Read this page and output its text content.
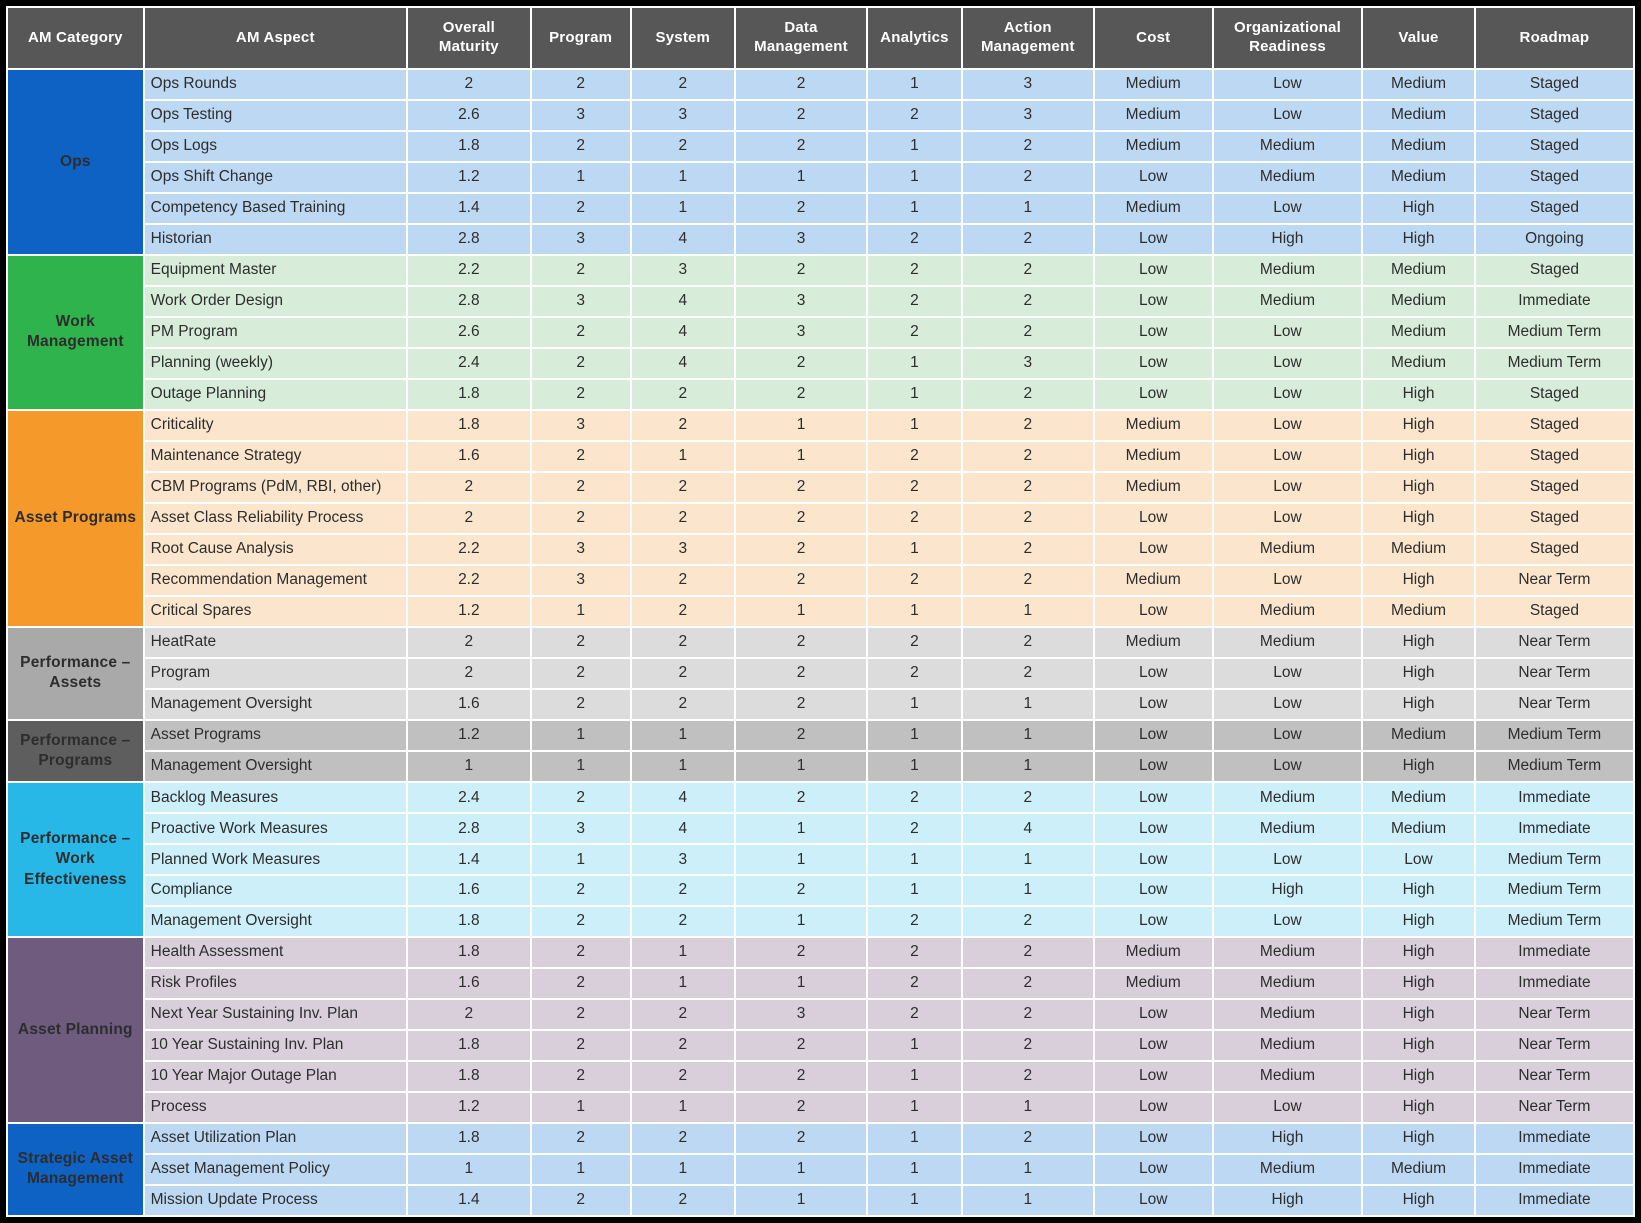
AM Category	AM Aspect	Overall Maturity	Program	System	Data Management	Analytics	Action Management	Cost	Organizational Readiness	Value	Roadmap
Ops	Ops Rounds	2	2	2	2	1	3	Medium	Low	Medium	Staged
	Ops Testing	2.6	3	3	2	2	3	Medium	Low	Medium	Staged
	Ops Logs	1.8	2	2	2	1	2	Medium	Medium	Medium	Staged
	Ops Shift Change	1.2	1	1	1	1	2	Low	Medium	Medium	Staged
	Competency Based Training	1.4	2	1	2	1	1	Medium	Low	High	Staged
	Historian	2.8	3	4	3	2	2	Low	High	High	Ongoing
Work Management	Equipment Master	2.2	2	3	2	2	2	Low	Medium	Medium	Staged
	Work Order Design	2.8	3	4	3	2	2	Low	Medium	Medium	Immediate
	PM Program	2.6	2	4	3	2	2	Low	Low	Medium	Medium Term
	Planning (weekly)	2.4	2	4	2	1	3	Low	Low	Medium	Medium Term
	Outage Planning	1.8	2	2	2	1	2	Low	Low	High	Staged
Asset Programs	Criticality	1.8	3	2	1	1	2	Medium	Low	High	Staged
	Maintenance Strategy	1.6	2	1	1	2	2	Medium	Low	High	Staged
	CBM Programs (PdM, RBI, other)	2	2	2	2	2	2	Medium	Low	High	Staged
	Asset Class Reliability Process	2	2	2	2	2	2	Low	Low	High	Staged
	Root Cause Analysis	2.2	3	3	2	1	2	Low	Medium	Medium	Staged
	Recommendation Management	2.2	3	2	2	2	2	Medium	Low	High	Near Term
	Critical Spares	1.2	1	2	1	1	1	Low	Medium	Medium	Staged
Performance – Assets	HeatRate	2	2	2	2	2	2	Medium	Medium	High	Near Term
	Program	2	2	2	2	2	2	Low	Low	High	Near Term
	Management Oversight	1.6	2	2	2	1	1	Low	Low	High	Near Term
Performance – Programs	Asset Programs	1.2	1	1	2	1	1	Low	Low	Medium	Medium Term
	Management Oversight	1	1	1	1	1	1	Low	Low	High	Medium Term
Performance – Work Effectiveness	Backlog Measures	2.4	2	4	2	2	2	Low	Medium	Medium	Immediate
	Proactive Work Measures	2.8	3	4	1	2	4	Low	Medium	Medium	Immediate
	Planned Work Measures	1.4	1	3	1	1	1	Low	Low	Low	Medium Term
	Compliance	1.6	2	2	2	1	1	Low	High	High	Medium Term
	Management Oversight	1.8	2	2	1	2	2	Low	Low	High	Medium Term
Asset Planning	Health Assessment	1.8	2	1	2	2	2	Medium	Medium	High	Immediate
	Risk Profiles	1.6	2	1	1	2	2	Medium	Medium	High	Immediate
	Next Year Sustaining Inv. Plan	2	2	2	3	2	2	Low	Medium	High	Near Term
	10 Year Sustaining Inv. Plan	1.8	2	2	2	1	2	Low	Medium	High	Near Term
	10 Year Major Outage Plan	1.8	2	2	2	1	2	Low	Medium	High	Near Term
	Process	1.2	1	1	2	1	1	Low	Low	High	Near Term
Strategic Asset Management	Asset Utilization Plan	1.8	2	2	2	1	2	Low	High	High	Immediate
	Asset Management Policy	1	1	1	1	1	1	Low	Medium	Medium	Immediate
	Mission Update Process	1.4	2	2	1	1	1	Low	High	High	Immediate
